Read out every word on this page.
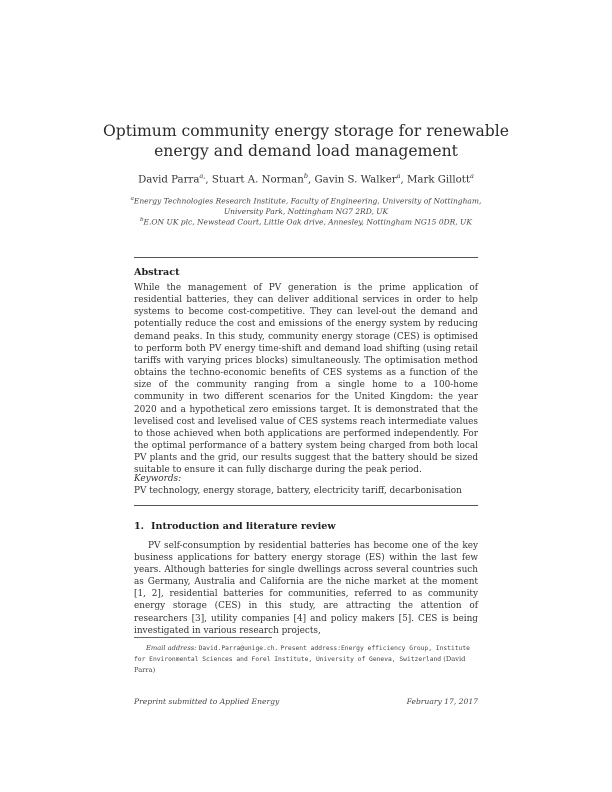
Optimum community energy storage for renewable
energy and demand load management
David Parra$^{a,}$, Stuart A. Norman$^b$, Gavin S. Walker$^a$, Mark Gillott$^a$
$^a$Energy Technologies Research Institute, Faculty of Engineering, University of Nottingham, University Park, Nottingham NG7 2RD, UK
$^b$E.ON UK plc, Newstead Court, Little Oak drive, Annesley, Nottingham NG15 0DR, UK
Abstract
While the management of PV generation is the prime application of residential batteries, they can deliver additional services in order to help systems to become cost-competitive. They can level-out the demand and potentially reduce the cost and emissions of the energy system by reducing demand peaks. In this study, community energy storage (CES) is optimised to perform both PV energy time-shift and demand load shifting (using retail tariffs with varying prices blocks) simultaneously. The optimisation method obtains the techno-economic benefits of CES systems as a function of the size of the community ranging from a single home to a 100-home community in two different scenarios for the United Kingdom: the year 2020 and a hypothetical zero emissions target. It is demonstrated that the levelised cost and levelised value of CES systems reach intermediate values to those achieved when both applications are performed independently. For the optimal performance of a battery system being charged from both local PV plants and the grid, our results suggest that the battery should be sized suitable to ensure it can fully discharge during the peak period.
Keywords:
PV technology, energy storage, battery, electricity tariff, decarbonisation
1. Introduction and literature review
PV self-consumption by residential batteries has become one of the key business applications for battery energy storage (ES) within the last few years. Although batteries for single dwellings across several countries such as Germany, Australia and California are the niche market at the moment [1, 2], residential batteries for communities, referred to as community energy storage (CES) in this study, are attracting the attention of researchers [3], utility companies [4] and policy makers [5]. CES is being investigated in various research projects,
Email address: David.Parra@unige.ch. Present address:Energy efficiency Group, Institute for Environmental Sciences and Forel Institute, University of Geneva, Switzerland (David Parra)
Preprint submitted to Applied Energy	February 17, 2017
